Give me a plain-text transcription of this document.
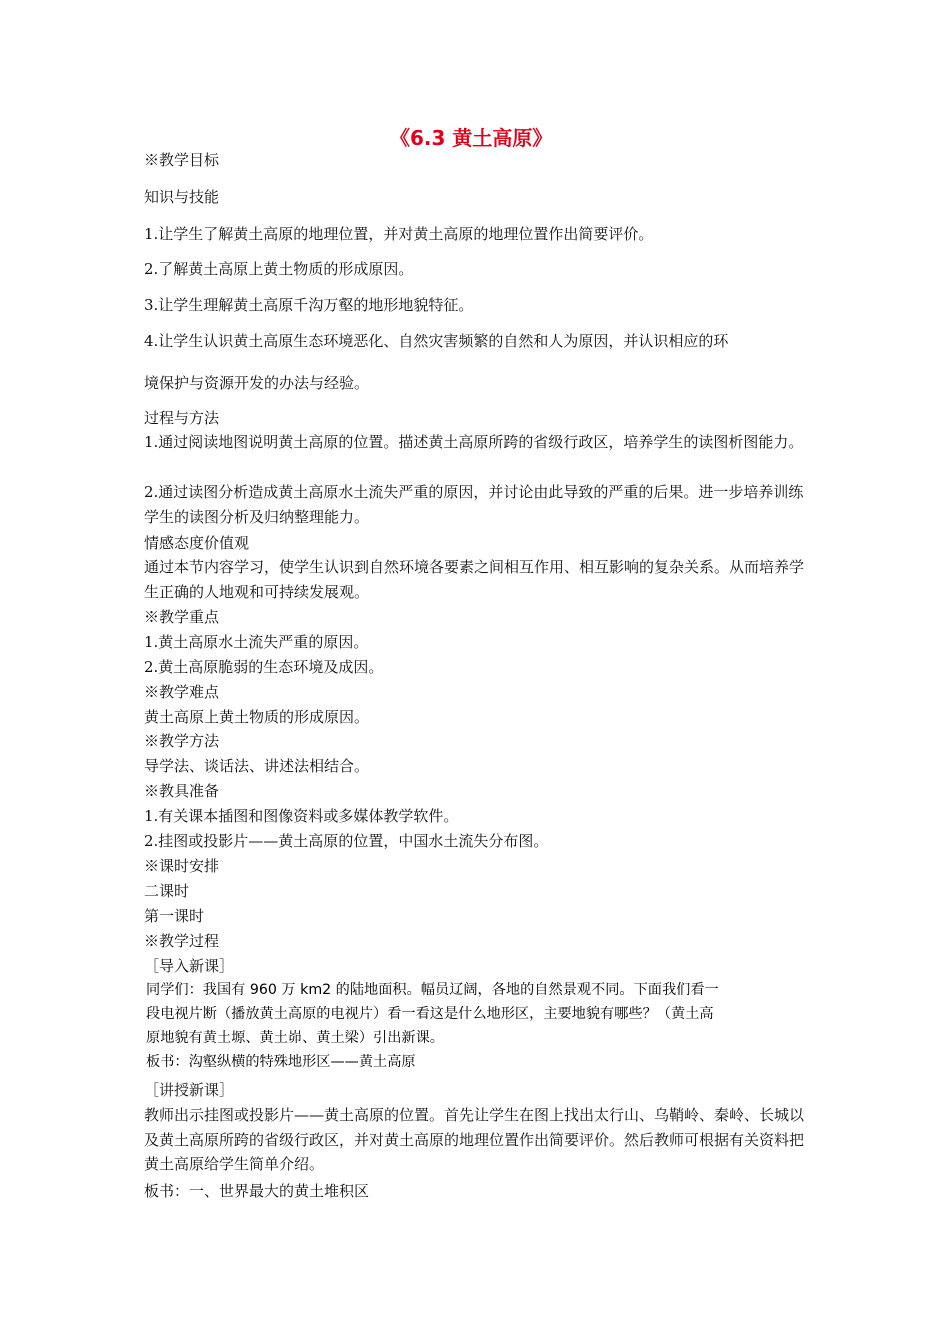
《6.3 黄土高原》
※教学目标
知识与技能
1.让学生了解黄土高原的地理位置，并对黄土高原的地理位置作出简要评价。
2.了解黄土高原上黄土物质的形成原因。
3.让学生理解黄土高原千沟万壑的地形地貌特征。
4.让学生认识黄土高原生态环境恶化、自然灾害频繁的自然和人为原因，并认识相应的环
境保护与资源开发的办法与经验。
过程与方法
1.通过阅读地图说明黄土高原的位置。描述黄土高原所跨的省级行政区，培养学生的读图析图能力。
2.通过读图分析造成黄土高原水土流失严重的原因，并讨论由此导致的严重的后果。进一步培养训练学生的读图分析及归纳整理能力。
情感态度价值观
通过本节内容学习，使学生认识到自然环境各要素之间相互作用、相互影响的复杂关系。从而培养学生正确的人地观和可持续发展观。
※教学重点
1.黄土高原水土流失严重的原因。
2.黄土高原脆弱的生态环境及成因。
※教学难点
黄土高原上黄土物质的形成原因。
※教学方法
导学法、谈话法、讲述法相结合。
※教具准备
1.有关课本插图和图像资料或多媒体教学软件。
2.挂图或投影片——黄土高原的位置，中国水土流失分布图。
※课时安排
二课时
第一课时
※教学过程
［导入新课］
同学们：我国有 960 万 km2 的陆地面积。幅员辽阔，各地的自然景观不同。下面我们看一
段电视片断（播放黄土高原的电视片）看一看这是什么地形区，主要地貌有哪些？（黄土高
原地貌有黄土塬、黄土峁、黄土梁）引出新课。
板书：沟壑纵横的特殊地形区——黄土高原
［讲授新课］
教师出示挂图或投影片——黄土高原的位置。首先让学生在图上找出太行山、乌鞘岭、秦岭、长城以及黄土高原所跨的省级行政区，并对黄土高原的地理位置作出简要评价。然后教师可根据有关资料把黄土高原给学生简单介绍。
板书：一、世界最大的黄土堆积区
